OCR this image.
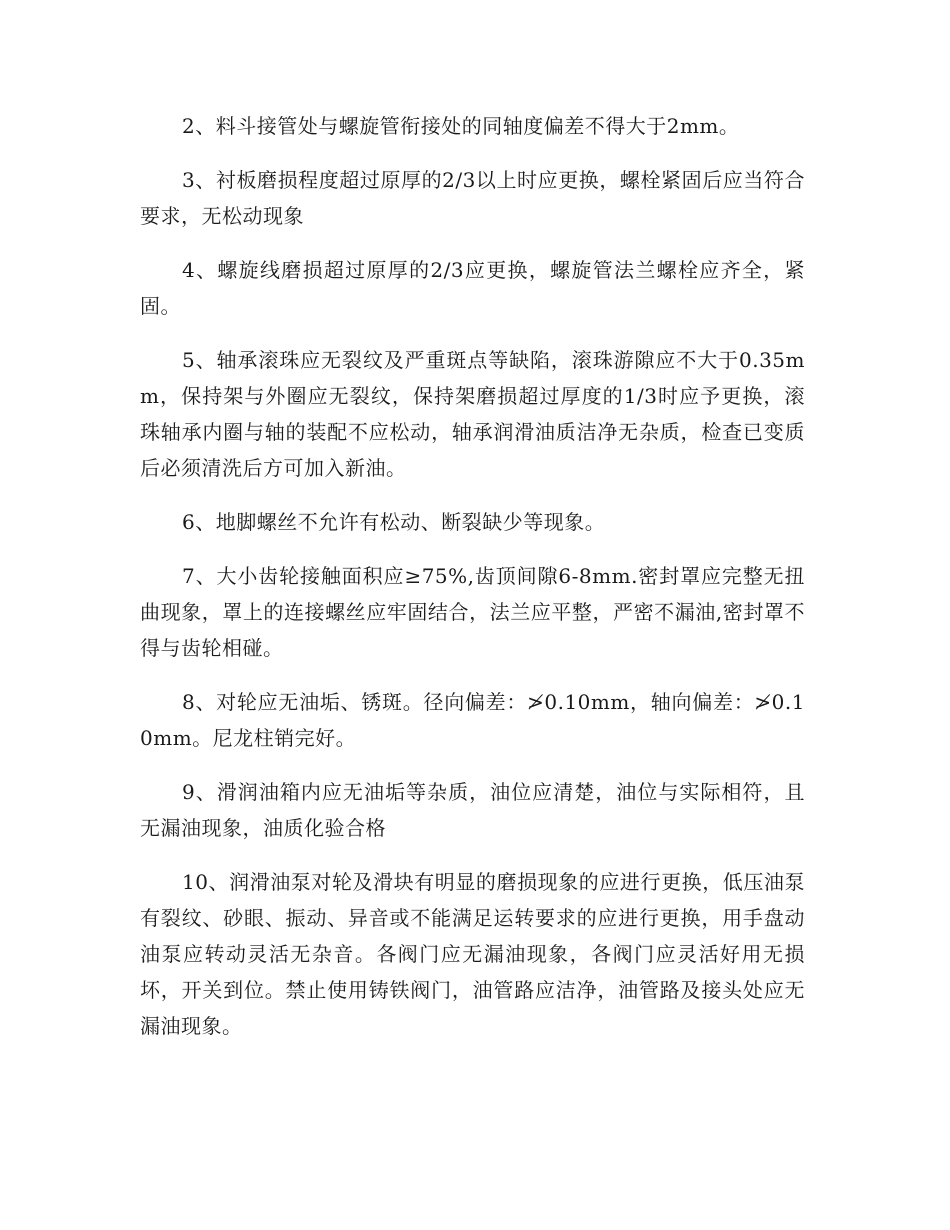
2、料斗接管处与螺旋管衔接处的同轴度偏差不得大于2mm。

3、衬板磨损程度超过原厚的2/3以上时应更换，螺栓紧固后应当符合要求，无松动现象

4、螺旋线磨损超过原厚的2/3应更换，螺旋管法兰螺栓应齐全，紧固。

5、轴承滚珠应无裂纹及严重斑点等缺陷，滚珠游隙应不大于0.35mm，保持架与外圈应无裂纹，保持架磨损超过厚度的1/3时应予更换，滚珠轴承内圈与轴的装配不应松动，轴承润滑油质洁净无杂质，检查已变质后必须清洗后方可加入新油。

6、地脚螺丝不允许有松动、断裂缺少等现象。

7、大小齿轮接触面积应≥75%,齿顶间隙6-8mm.密封罩应完整无扭曲现象，罩上的连接螺丝应牢固结合，法兰应平整，严密不漏油,密封罩不得与齿轮相碰。

8、对轮应无油垢、锈斑。径向偏差：≯0.10mm，轴向偏差：≯0.10mm。尼龙柱销完好。

9、滑润油箱内应无油垢等杂质，油位应清楚，油位与实际相符，且无漏油现象，油质化验合格

10、润滑油泵对轮及滑块有明显的磨损现象的应进行更换，低压油泵有裂纹、砂眼、振动、异音或不能满足运转要求的应进行更换，用手盘动油泵应转动灵活无杂音。各阀门应无漏油现象，各阀门应灵活好用无损坏，开关到位。禁止使用铸铁阀门，油管路应洁净，油管路及接头处应无漏油现象。
